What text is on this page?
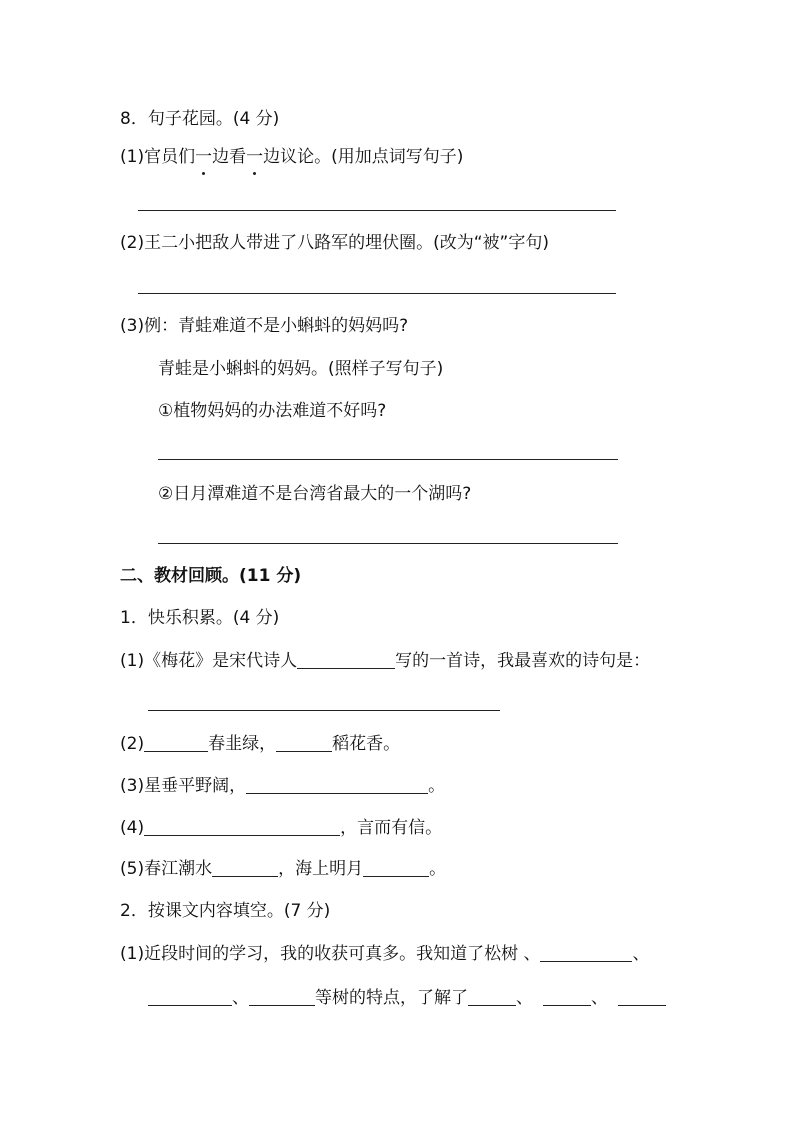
8．句子花园。(4 分)
(1)官员们一边看一边议论。(用加点词写句子)
(2)王二小把敌人带进了八路军的埋伏圈。(改为“被”字句)
(3)例：青蛙难道不是小蝌蚪的妈妈吗?
青蛙是小蝌蚪的妈妈。(照样子写句子)
①植物妈妈的办法难道不好吗?
②日月潭难道不是台湾省最大的一个湖吗?
二、教材回顾。(11 分)
1．快乐积累。(4 分)
(1)《梅花》是宋代诗人	写的一首诗，我最喜欢的诗句是：
(2)	春韭绿，	稻花香。
(3)星垂平野阔，	。
(4)	，言而有信。
(5)春江潮水	，海上明月	。
2．按课文内容填空。(7 分)
(1)近段时间的学习，我的收获可真多。我知道了松树 、	、
、	等树的特点，了解了	、	、
